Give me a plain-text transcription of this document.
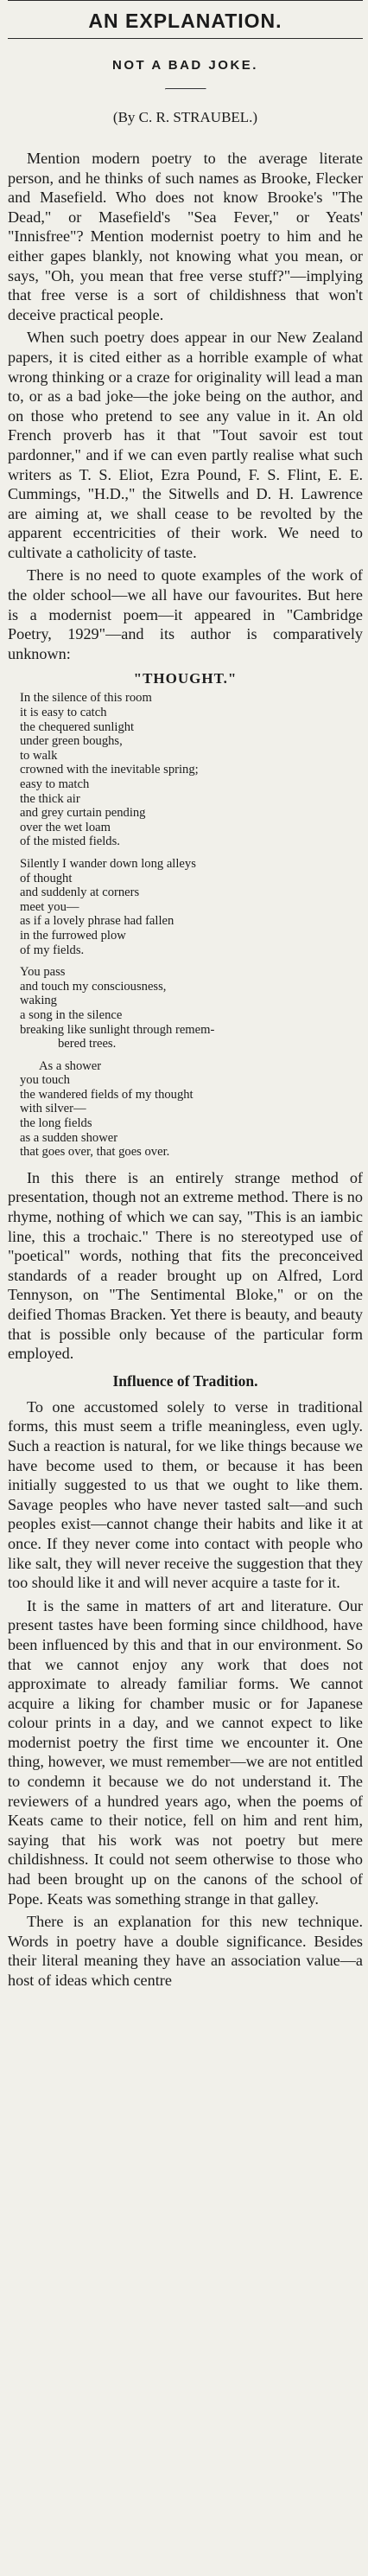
AN EXPLANATION.
NOT A BAD JOKE.
(By C. R. STRAUBEL.)

Mention modern poetry to the average literate person, and he thinks of such names as Brooke, Flecker and Masefield. Who does not know Brooke's "The Dead," or Masefield's "Sea Fever," or Yeats' "Innisfree"? Mention modernist poetry to him and he either gapes blankly, not knowing what you mean, or says, "Oh, you mean that free verse stuff?"—implying that free verse is a sort of childishness that won't deceive practical people.

When such poetry does appear in our New Zealand papers, it is cited either as a horrible example of what wrong thinking or a craze for originality will lead a man to, or as a bad joke—the joke being on the author, and on those who pretend to see any value in it. An old French proverb has it that "Tout savoir est tout pardonner," and if we can even partly realise what such writers as T. S. Eliot, Ezra Pound, F. S. Flint, E. E. Cummings, "H.D.," the Sitwells and D. H. Lawrence are aiming at, we shall cease to be revolted by the apparent eccentricities of their work. We need to cultivate a catholicity of taste.

There is no need to quote examples of the work of the older school—we all have our favourites. But here is a modernist poem—it appeared in "Cambridge Poetry, 1929"—and its author is comparatively unknown:

"THOUGHT."
In the silence of this room
it is easy to catch
the chequered sunlight
under green boughs,
to walk
crowned with the inevitable spring;
easy to match
the thick air
and grey curtain pending
over the wet loam
of the misted fields.
Silently I wander down long alleys
of thought
and suddenly at corners
meet you—
as if a lovely phrase had fallen
in the furrowed plow
of my fields.
You pass
and touch my consciousness,
waking
a song in the silence
breaking like sunlight through remem-
bered trees.
As a shower
you touch
the wandered fields of my thought
with silver—
the long fields
as a sudden shower
that goes over, that goes over.

In this there is an entirely strange method of presentation, though not an extreme method. There is no rhyme, nothing of which we can say, "This is an iambic line, this a trochaic." There is no stereotyped use of "poetical" words, nothing that fits the preconceived standards of a reader brought up on Alfred, Lord Tennyson, on "The Sentimental Bloke," or on the deified Thomas Bracken. Yet there is beauty, and beauty that is possible only because of the particular form employed.

Influence of Tradition.

To one accustomed solely to verse in traditional forms, this must seem a trifle meaningless, even ugly. Such a reaction is natural, for we like things because we have become used to them, or because it has been initially suggested to us that we ought to like them. Savage peoples who have never tasted salt—and such peoples exist—cannot change their habits and like it at once. If they never come into contact with people who like salt, they will never receive the suggestion that they too should like it and will never acquire a taste for it.

It is the same in matters of art and literature. Our present tastes have been forming since childhood, have been influenced by this and that in our environment. So that we cannot enjoy any work that does not approximate to already familiar forms. We cannot acquire a liking for chamber music or for Japanese colour prints in a day, and we cannot expect to like modernist poetry the first time we encounter it. One thing, however, we must remember—we are not entitled to condemn it because we do not understand it. The reviewers of a hundred years ago, when the poems of Keats came to their notice, fell on him and rent him, saying that his work was not poetry but mere childishness. It could not seem otherwise to those who had been brought up on the canons of the school of Pope. Keats was something strange in that galley.

There is an explanation for this new technique. Words in poetry have a double significance. Besides their literal meaning they have an association value—a host of ideas which centre
